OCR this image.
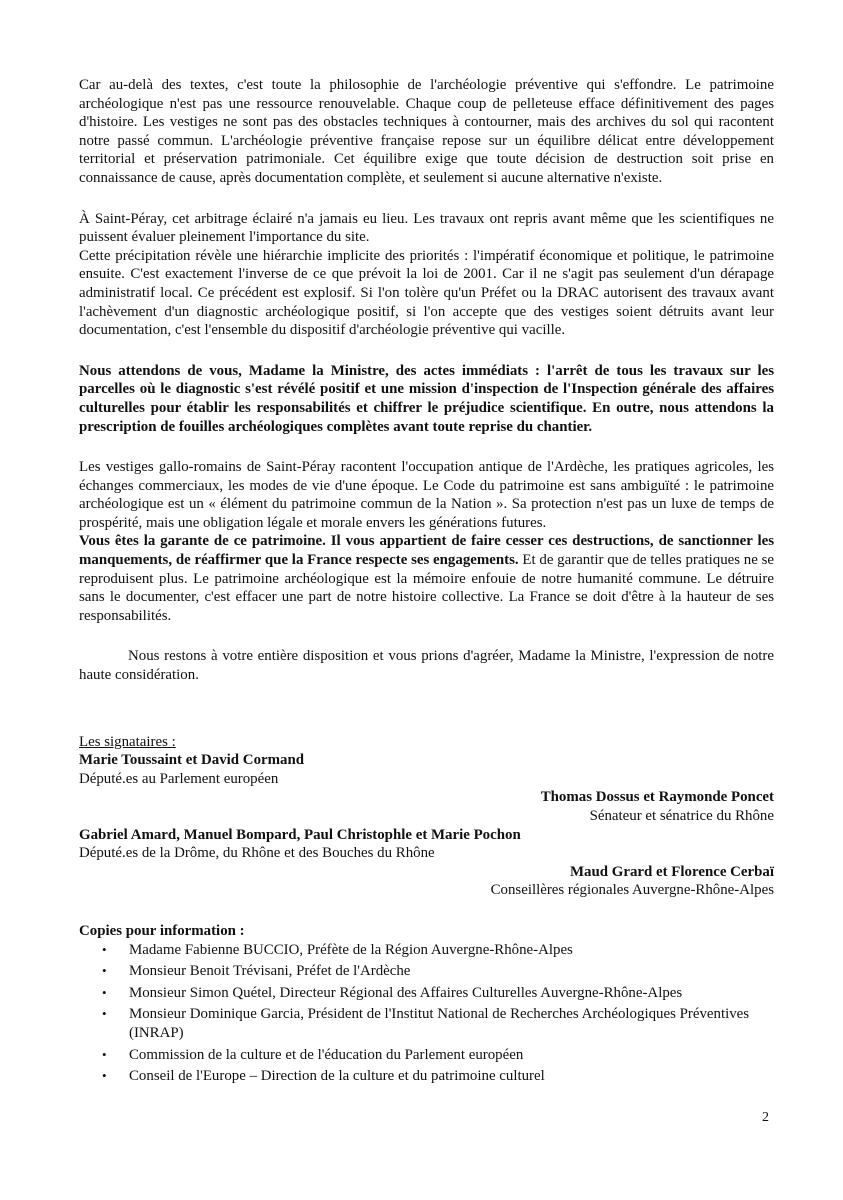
Car au-delà des textes, c'est toute la philosophie de l'archéologie préventive qui s'effondre. Le patrimoine archéologique n'est pas une ressource renouvelable. Chaque coup de pelleteuse efface définitivement des pages d'histoire. Les vestiges ne sont pas des obstacles techniques à contourner, mais des archives du sol qui racontent notre passé commun. L'archéologie préventive française repose sur un équilibre délicat entre développement territorial et préservation patrimoniale. Cet équilibre exige que toute décision de destruction soit prise en connaissance de cause, après documentation complète, et seulement si aucune alternative n'existe.

À Saint-Péray, cet arbitrage éclairé n'a jamais eu lieu. Les travaux ont repris avant même que les scientifiques ne puissent évaluer pleinement l'importance du site.

Cette précipitation révèle une hiérarchie implicite des priorités : l'impératif économique et politique, le patrimoine ensuite. C'est exactement l'inverse de ce que prévoit la loi de 2001. Car il ne s'agit pas seulement d'un dérapage administratif local. Ce précédent est explosif. Si l'on tolère qu'un Préfet ou la DRAC autorisent des travaux avant l'achèvement d'un diagnostic archéologique positif, si l'on accepte que des vestiges soient détruits avant leur documentation, c'est l'ensemble du dispositif d'archéologie préventive qui vacille.

Nous attendons de vous, Madame la Ministre, des actes immédiats : l'arrêt de tous les travaux sur les parcelles où le diagnostic s'est révélé positif et une mission d'inspection de l'Inspection générale des affaires culturelles pour établir les responsabilités et chiffrer le préjudice scientifique. En outre, nous attendons la prescription de fouilles archéologiques complètes avant toute reprise du chantier.

Les vestiges gallo-romains de Saint-Péray racontent l'occupation antique de l'Ardèche, les pratiques agricoles, les échanges commerciaux, les modes de vie d'une époque. Le Code du patrimoine est sans ambiguïté : le patrimoine archéologique est un « élément du patrimoine commun de la Nation ». Sa protection n'est pas un luxe de temps de prospérité, mais une obligation légale et morale envers les générations futures.

Vous êtes la garante de ce patrimoine. Il vous appartient de faire cesser ces destructions, de sanctionner les manquements, de réaffirmer que la France respecte ses engagements. Et de garantir que de telles pratiques ne se reproduisent plus. Le patrimoine archéologique est la mémoire enfouie de notre humanité commune. Le détruire sans le documenter, c'est effacer une part de notre histoire collective. La France se doit d'être à la hauteur de ses responsabilités.

Nous restons à votre entière disposition et vous prions d'agréer, Madame la Ministre, l'expression de notre haute considération.

Les signataires :

Marie Toussaint et David Cormand

Député.es au Parlement européen

Thomas Dossus et Raymonde Poncet

Sénateur et sénatrice du Rhône

Gabriel Amard, Manuel Bompard, Paul Christophle et Marie Pochon

Député.es de la Drôme, du Rhône et des Bouches du Rhône

Maud Grard et Florence Cerbaï

Conseillères régionales Auvergne-Rhône-Alpes

Copies pour information :

• Madame Fabienne BUCCIO, Préfète de la Région Auvergne-Rhône-Alpes
• Monsieur Benoit Trévisani, Préfet de l'Ardèche
• Monsieur Simon Quétel, Directeur Régional des Affaires Culturelles Auvergne-Rhône-Alpes
• Monsieur Dominique Garcia, Président de l'Institut National de Recherches Archéologiques Préventives (INRAP)
• Commission de la culture et de l'éducation du Parlement européen
• Conseil de l'Europe – Direction de la culture et du patrimoine culturel
2
